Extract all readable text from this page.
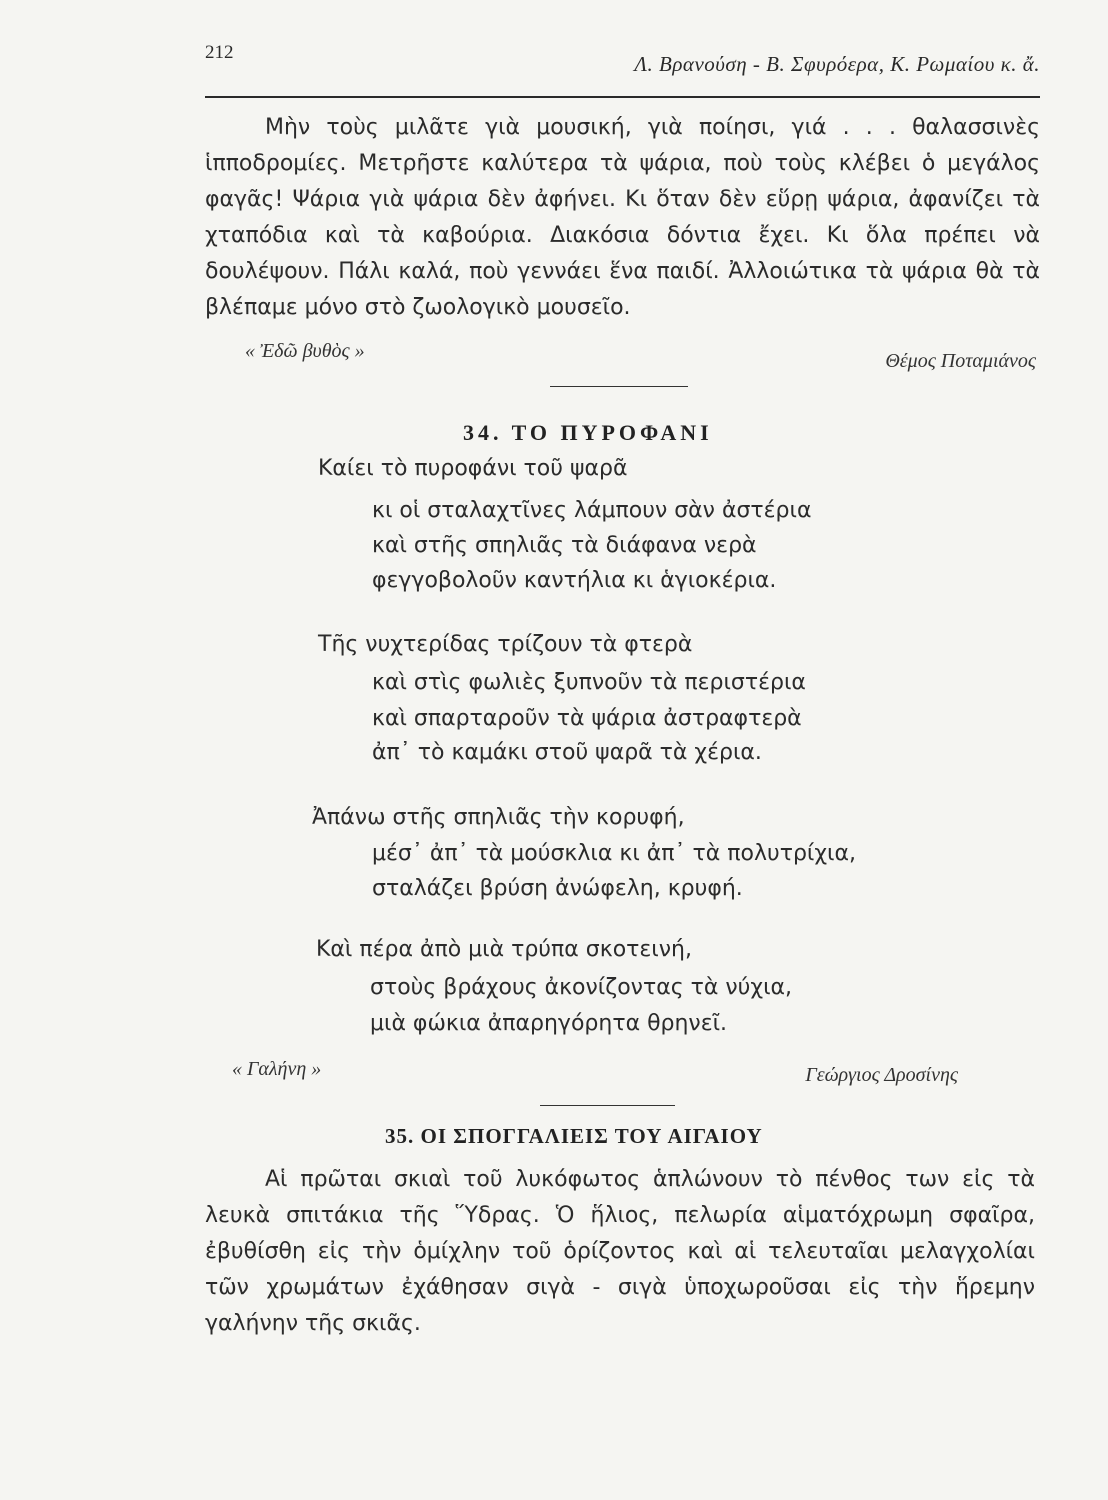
212	Λ. Βρανούση - Β. Σφυρόερα, Κ. Ρωμαίου κ. ἄ.

Μὴν τοὺς μιλᾶτε γιὰ μουσική, γιὰ ποίησι, γιά . . . θαλασσινὲς ἱπποδρομίες. Μετρῆστε καλύτερα τὰ ψάρια, ποὺ τοὺς κλέβει ὁ μεγάλος φαγᾶς! Ψάρια γιὰ ψάρια δὲν ἀφήνει. Κι ὅταν δὲν εὕρῃ ψάρια, ἀφανίζει τὰ χταπόδια καὶ τὰ καβούρια. Διακόσια δόντια ἔχει. Κι ὅλα πρέπει νὰ δουλέψουν. Πάλι καλά, ποὺ γεννάει ἕνα παιδί. Ἀλλοιώτικα τὰ ψάρια θὰ τὰ βλέπαμε μόνο στὸ ζωολογικὸ μουσεῖο.

« Ἐδῶ βυθὸς »	Θέμος Ποταμιάνος
34. ΤΟ ΠΥΡΟΦΑΝΙ
Καίει τὸ πυροφάνι τοῦ ψαρᾶ
κι οἱ σταλαχτῖνες λάμπουν σὰν ἀστέρια
καὶ στῆς σπηλιᾶς τὰ διάφανα νερὰ
φεγγοβολοῦν καντήλια κι ἁγιοκέρια.
Τῆς νυχτερίδας τρίζουν τὰ φτερὰ
καὶ στὶς φωλιὲς ξυπνοῦν τὰ περιστέρια
καὶ σπαρταροῦν τὰ ψάρια ἀστραφτερὰ
ἀπ᾽ τὸ καμάκι στοῦ ψαρᾶ τὰ χέρια.
Ἀπάνω στῆς σπηλιᾶς τὴν κορυφή,
μέσ᾽ ἀπ᾽ τὰ μούσκλια κι ἀπ᾽ τὰ πολυτρίχια,
σταλάζει βρύση ἀνώφελη, κρυφή.
Καὶ πέρα ἀπὸ μιὰ τρύπα σκοτεινή,
στοὺς βράχους ἀκονίζοντας τὰ νύχια,
μιὰ φώκια ἀπαρηγόρητα θρηνεῖ.
« Γαλήνη »	Γεώργιος Δροσίνης
35. ΟΙ ΣΠΟΓΓΑΛΙΕΙΣ ΤΟΥ ΑΙΓΑΙΟΥ

Αἱ πρῶται σκιαὶ τοῦ λυκόφωτος ἁπλώνουν τὸ πένθος των εἰς τὰ λευκὰ σπιτάκια τῆς Ὕδρας. Ὁ ἥλιος, πελωρία αἱματόχρωμη σφαῖρα, ἐβυθίσθη εἰς τὴν ὁμίχλην τοῦ ὁρίζοντος καὶ αἱ τελευταῖαι μελαγχολίαι τῶν χρωμάτων ἐχάθησαν σιγὰ - σιγὰ ὑποχωροῦσαι εἰς τὴν ἥρεμην γαλήνην τῆς σκιᾶς.
